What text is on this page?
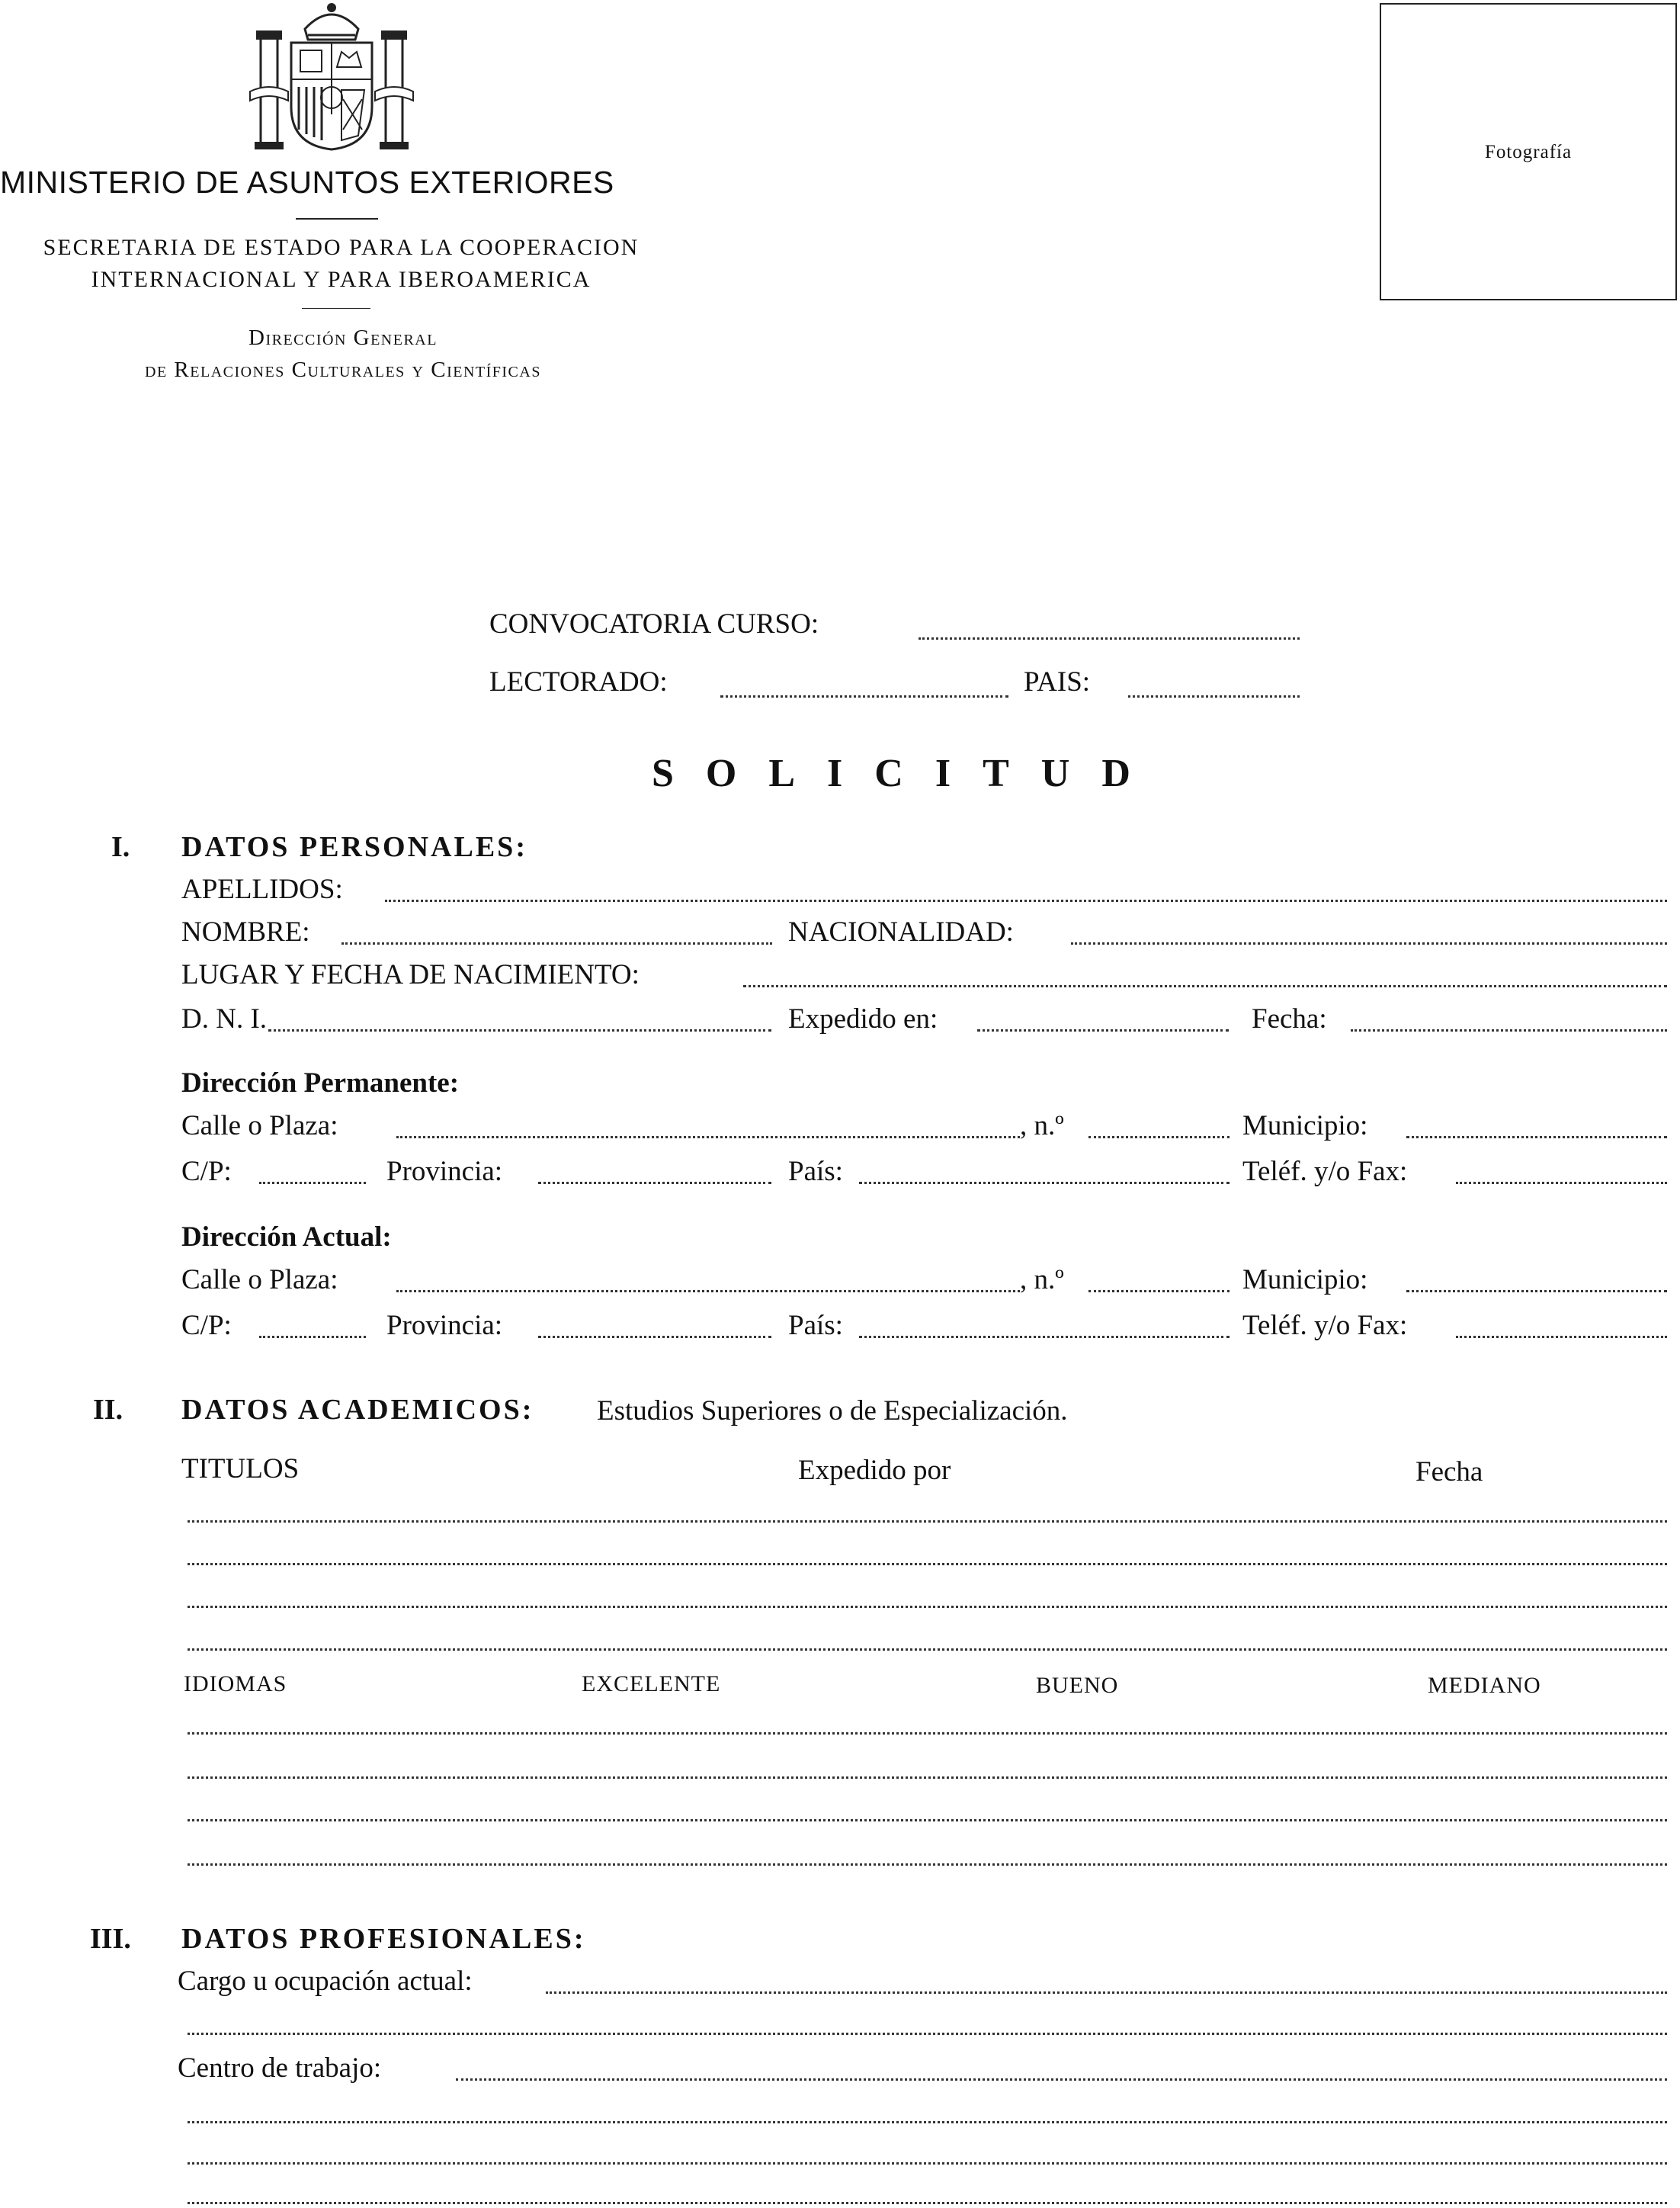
MINISTERIO DE ASUNTOS EXTERIORES
SECRETARIA DE ESTADO PARA LA COOPERACION
INTERNACIONAL Y PARA IBEROAMERICA
Dirección General
de Relaciones Culturales y Científicas
Fotografía
CONVOCATORIA CURSO:
LECTORADO:	PAIS:
SOLICITUD
I. DATOS PERSONALES:
APELLIDOS:
NOMBRE:	NACIONALIDAD:
LUGAR Y FECHA DE NACIMIENTO:
D. N. I.	Expedido en:	Fecha:
Dirección Permanente:
Calle o Plaza:	, n.º	Municipio:
C/P:	Provincia:	País:	Teléf. y/o Fax:
Dirección Actual:
Calle o Plaza:	, n.º	Municipio:
C/P:	Provincia:	País:	Teléf. y/o Fax:
II. DATOS ACADEMICOS: Estudios Superiores o de Especialización.
TITULOS	Expedido por	Fecha
IDIOMAS	EXCELENTE	BUENO	MEDIANO
III. DATOS PROFESIONALES:
Cargo u ocupación actual:
Centro de trabajo:
